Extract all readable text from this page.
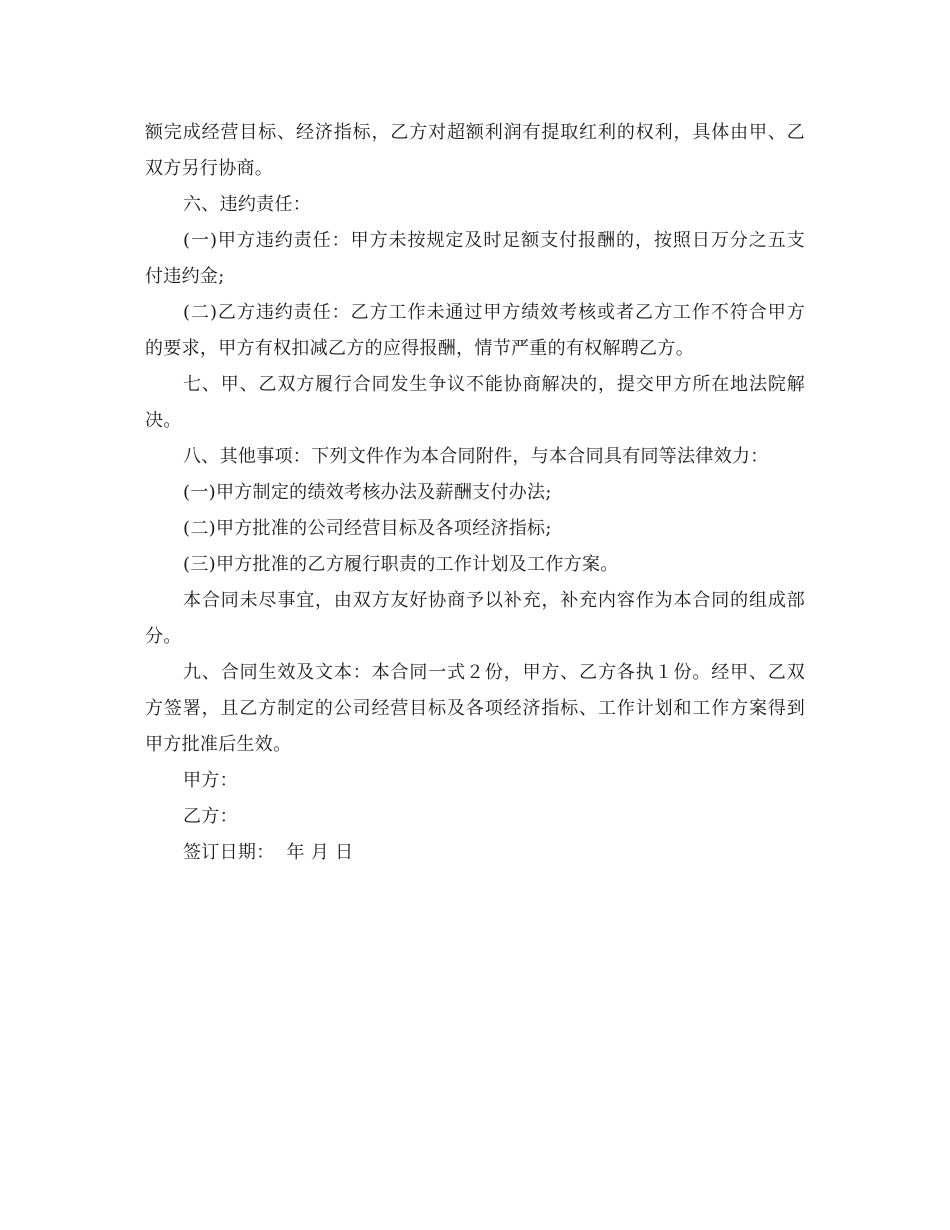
额完成经营目标、经济指标，乙方对超额利润有提取红利的权利，具体由甲、乙
双方另行协商。
六、违约责任：
(一)甲方违约责任：甲方未按规定及时足额支付报酬的，按照日万分之五支
付违约金;
(二)乙方违约责任：乙方工作未通过甲方绩效考核或者乙方工作不符合甲方
的要求，甲方有权扣减乙方的应得报酬，情节严重的有权解聘乙方。
七、甲、乙双方履行合同发生争议不能协商解决的，提交甲方所在地法院解
决。
八、其他事项：下列文件作为本合同附件，与本合同具有同等法律效力：
(一)甲方制定的绩效考核办法及薪酬支付办法;
(二)甲方批准的公司经营目标及各项经济指标;
(三)甲方批准的乙方履行职责的工作计划及工作方案。
本合同未尽事宜，由双方友好协商予以补充，补充内容作为本合同的组成部
分。
九、合同生效及文本：本合同一式２份，甲方、乙方各执１份。经甲、乙双
方签署，且乙方制定的公司经营目标及各项经济指标、工作计划和工作方案得到
甲方批准后生效。
甲方：
乙方：
签订日期：  年 月 日
